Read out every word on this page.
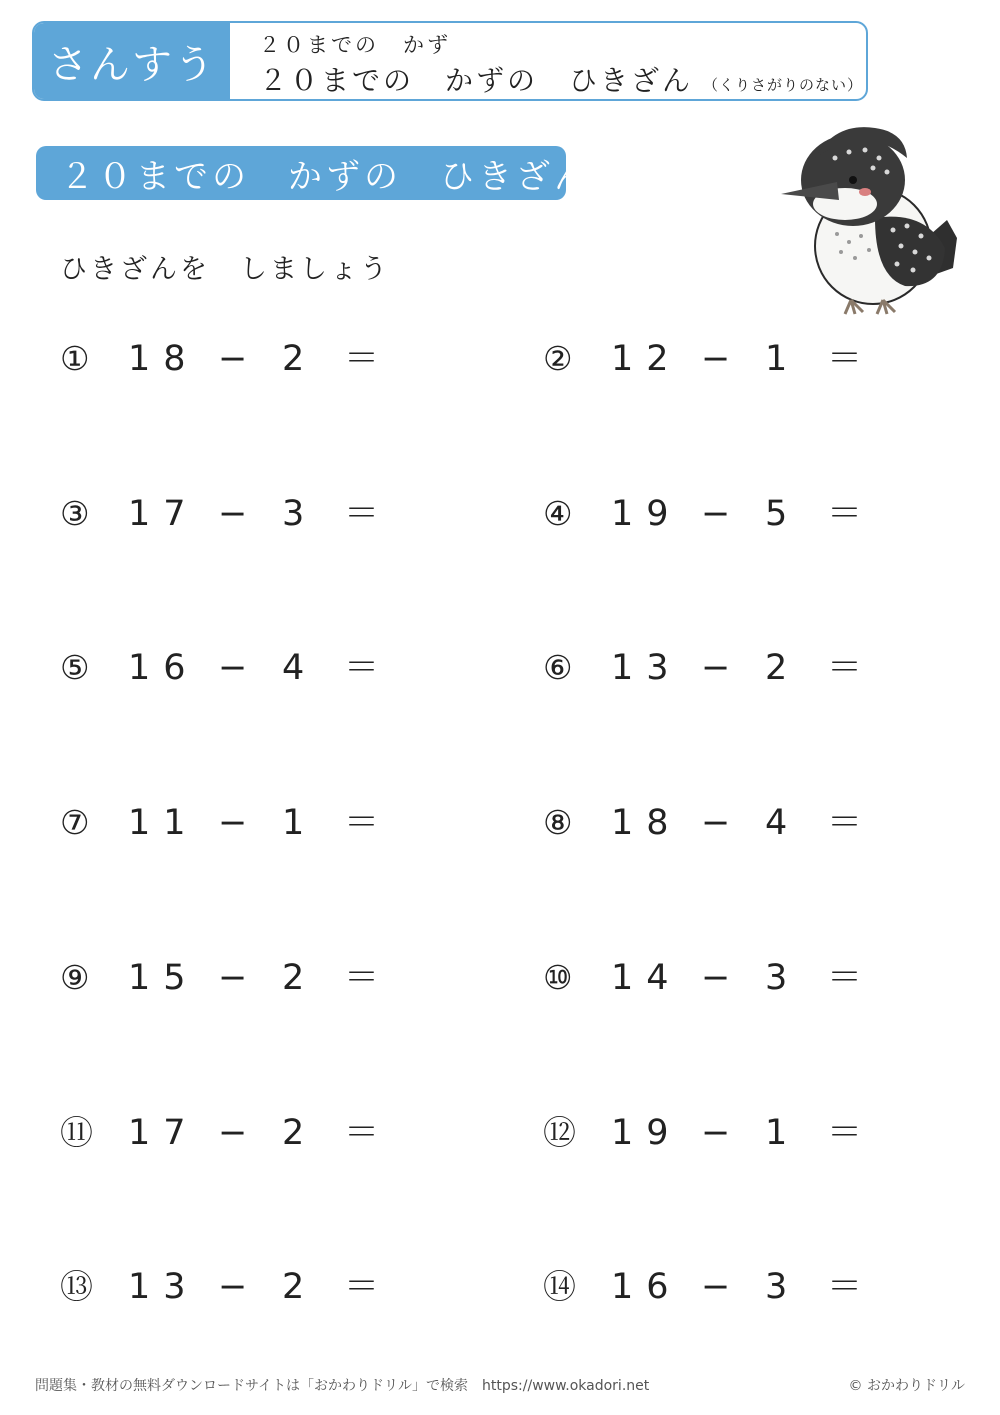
さんすう	２０までの　かず
２０までの　かずの　ひきざん （くりさがりのない）
２０までの　かずの　ひきざん
ひきざんを　しましょう
① 18 − 2 ＝	② 12 − 1 ＝
③ 17 − 3 ＝	④ 19 − 5 ＝
⑤ 16 − 4 ＝	⑥ 13 − 2 ＝
⑦ 11 − 1 ＝	⑧ 18 − 4 ＝
⑨ 15 − 2 ＝	⑩ 14 − 3 ＝
⑪ 17 − 2 ＝	⑫ 19 − 1 ＝
⑬ 13 − 2 ＝	⑭ 16 − 3 ＝
問題集・教材の無料ダウンロードサイトは「おかわりドリル」で検索　https://www.okadori.net	© おかわりドリル
